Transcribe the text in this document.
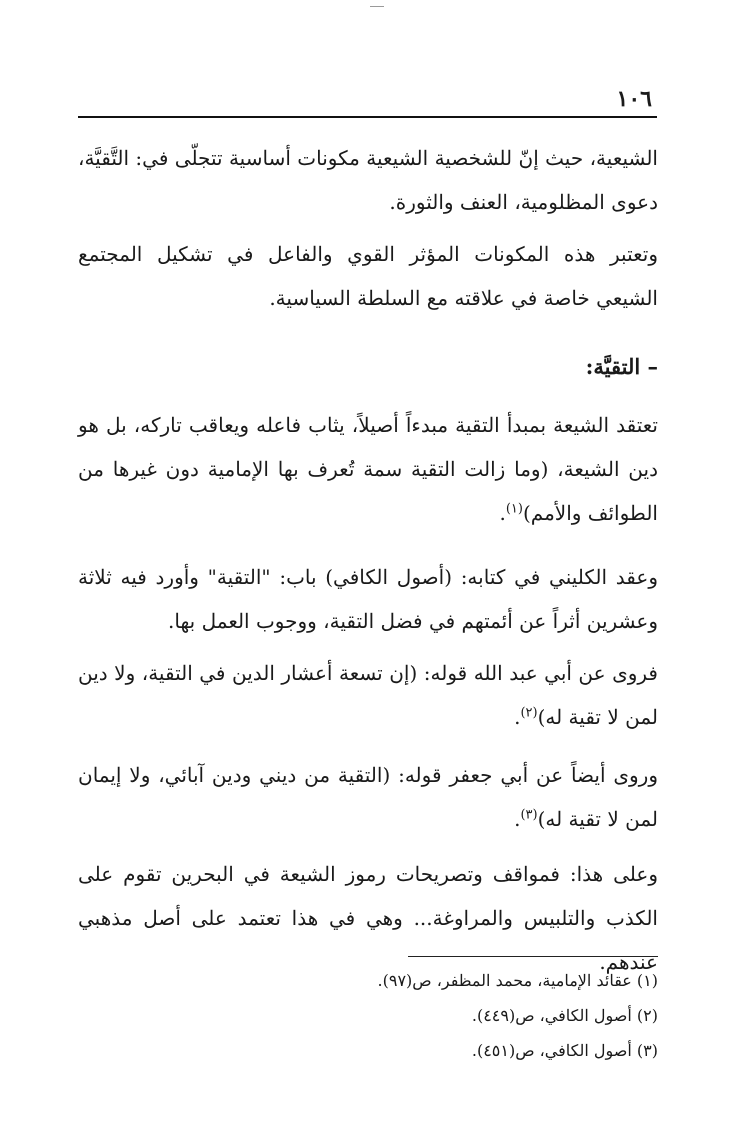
١٠٦
الشيعية، حيث إنّ للشخصية الشيعية مكونات أساسية تتجلّى في: التَّقيَّة، دعوى المظلومية، العنف والثورة.
وتعتبر هذه المكونات المؤثر القوي والفاعل في تشكيل المجتمع الشيعي خاصة في علاقته مع السلطة السياسية.
– التقيَّة:
تعتقد الشيعة بمبدأ التقية مبدءاً أصيلاً، يثاب فاعله ويعاقب تاركه، بل هو دين الشيعة، (وما زالت التقية سمة تُعرف بها الإمامية دون غيرها من الطوائف والأمم)$^{(١)}$.
وعقد الكليني في كتابه: (أصول الكافي) باب: "التقية" وأورد فيه ثلاثة وعشرين أثراً عن أئمتهم في فضل التقية، ووجوب العمل بها.
فروى عن أبي عبد الله قوله: (إن تسعة أعشار الدين في التقية، ولا دين لمن لا تقية له)$^{(٢)}$.
وروى أيضاً عن أبي جعفر قوله: (التقية من ديني ودين آبائي، ولا إيمان لمن لا تقية له)$^{(٣)}$.
وعلى هذا: فمواقف وتصريحات رموز الشيعة في البحرين تقوم على الكذب والتلبيس والمراوغة... وهي في هذا تعتمد على أصل مذهبي عندهم.
(١) عقائد الإمامية، محمد المظفر، ص(٩٧).
(٢) أصول الكافي، ص(٤٤٩).
(٣) أصول الكافي، ص(٤٥١).
